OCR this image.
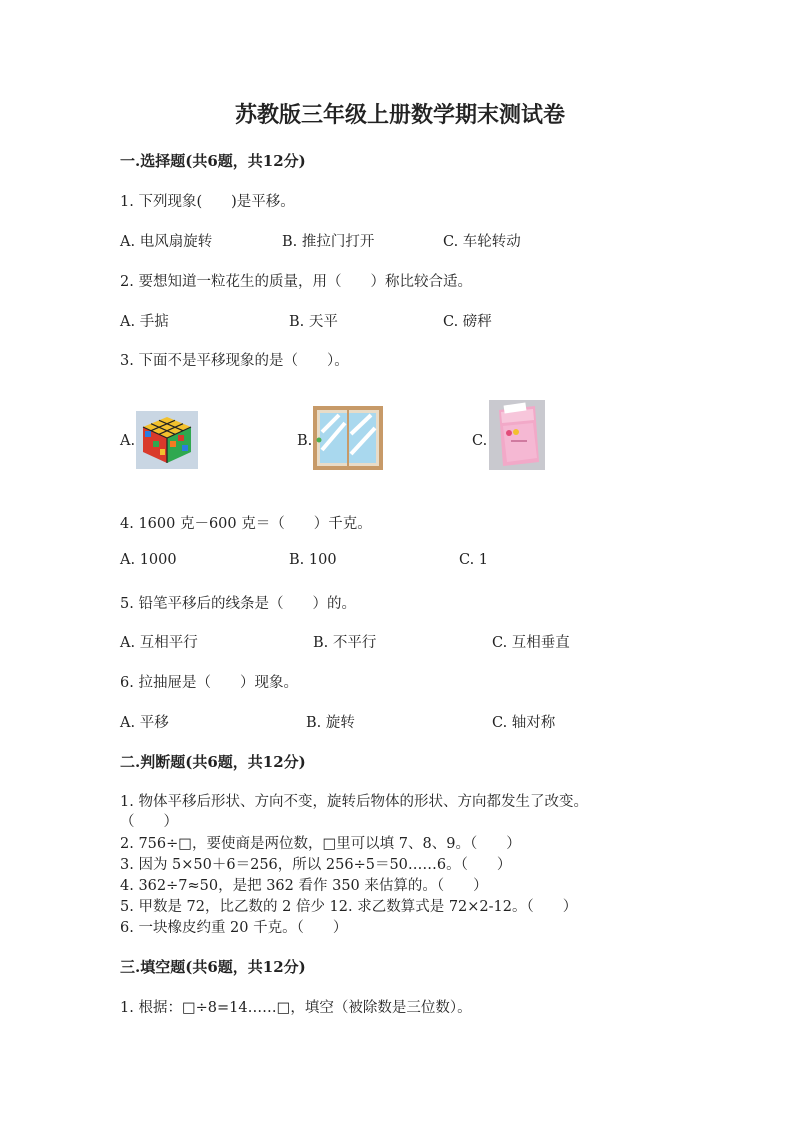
苏教版三年级上册数学期末测试卷
一.选择题(共6题，共12分)
1. 下列现象(　　)是平移。
A. 电风扇旋转	B. 推拉门打开	C. 车轮转动
2. 要想知道一粒花生的质量，用（　　）称比较合适。
A. 手掂	B. 天平	C. 磅秤
3. 下面不是平移现象的是（　　）。
A.	B.	C.
4. 1600 克－600 克＝（　　）千克。
A. 1000	B. 100	C. 1
5. 铅笔平移后的线条是（　　）的。
A. 互相平行	B. 不平行	C. 互相垂直
6. 拉抽屉是（　　）现象。
A. 平移	B. 旋转	C. 轴对称
二.判断题(共6题，共12分)
1. 物体平移后形状、方向不变，旋转后物体的形状、方向都发生了改变。
（　　）
2. 756÷□，要使商是两位数，□里可以填 7、8、9。（　　）
3. 因为 5×50＋6＝256，所以 256÷5＝50……6。（　　）
4. 362÷7≈50，是把 362 看作 350 来估算的。（　　）
5. 甲数是 72，比乙数的 2 倍少 12. 求乙数算式是 72×2-12。（　　）
6. 一块橡皮约重 20 千克。（　　）
三.填空题(共6题，共12分)
1. 根据：□÷8=14……□，填空（被除数是三位数）。
